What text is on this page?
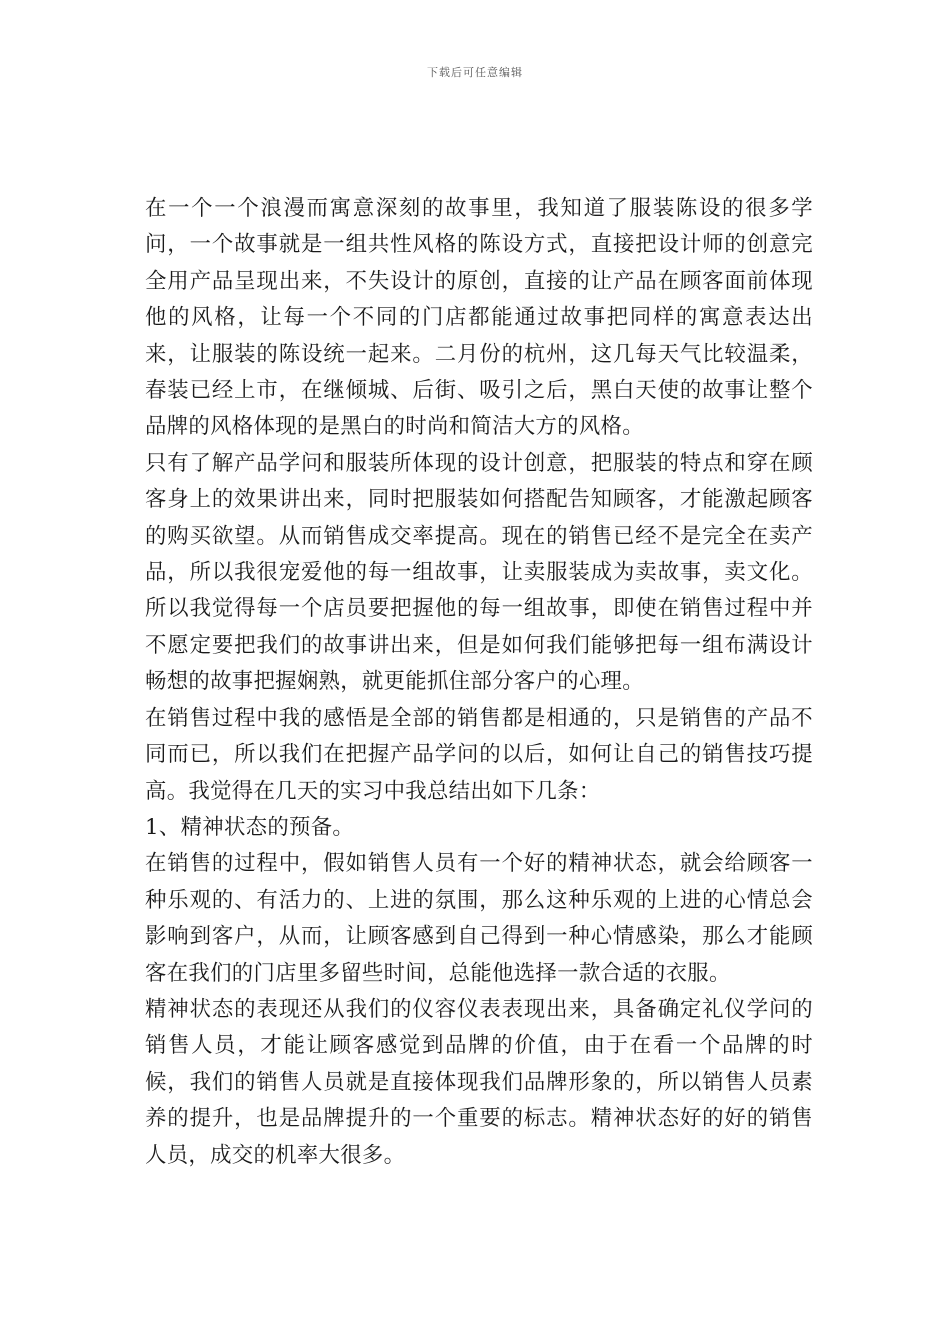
下载后可任意编辑

在一个一个浪漫而寓意深刻的故事里，我知道了服装陈设的很多学问，一个故事就是一组共性风格的陈设方式，直接把设计师的创意完全用产品呈现出来，不失设计的原创，直接的让产品在顾客面前体现他的风格，让每一个不同的门店都能通过故事把同样的寓意表达出来，让服装的陈设统一起来。二月份的杭州，这几每天气比较温柔，春装已经上市，在继倾城、后街、吸引之后，黑白天使的故事让整个品牌的风格体现的是黑白的时尚和简洁大方的风格。

只有了解产品学问和服装所体现的设计创意，把服装的特点和穿在顾客身上的效果讲出来，同时把服装如何搭配告知顾客，才能激起顾客的购买欲望。从而销售成交率提高。现在的销售已经不是完全在卖产品，所以我很宠爱他的每一组故事，让卖服装成为卖故事，卖文化。所以我觉得每一个店员要把握他的每一组故事，即使在销售过程中并不愿定要把我们的故事讲出来，但是如何我们能够把每一组布满设计畅想的故事把握娴熟，就更能抓住部分客户的心理。

在销售过程中我的感悟是全部的销售都是相通的，只是销售的产品不同而已，所以我们在把握产品学问的以后，如何让自己的销售技巧提高。我觉得在几天的实习中我总结出如下几条：

1、精神状态的预备。

在销售的过程中，假如销售人员有一个好的精神状态，就会给顾客一种乐观的、有活力的、上进的氛围，那么这种乐观的上进的心情总会影响到客户，从而，让顾客感到自己得到一种心情感染，那么才能顾客在我们的门店里多留些时间，总能他选择一款合适的衣服。

精神状态的表现还从我们的仪容仪表表现出来，具备确定礼仪学问的销售人员，才能让顾客感觉到品牌的价值，由于在看一个品牌的时候，我们的销售人员就是直接体现我们品牌形象的，所以销售人员素养的提升，也是品牌提升的一个重要的标志。精神状态好的好的销售人员，成交的机率大很多。
